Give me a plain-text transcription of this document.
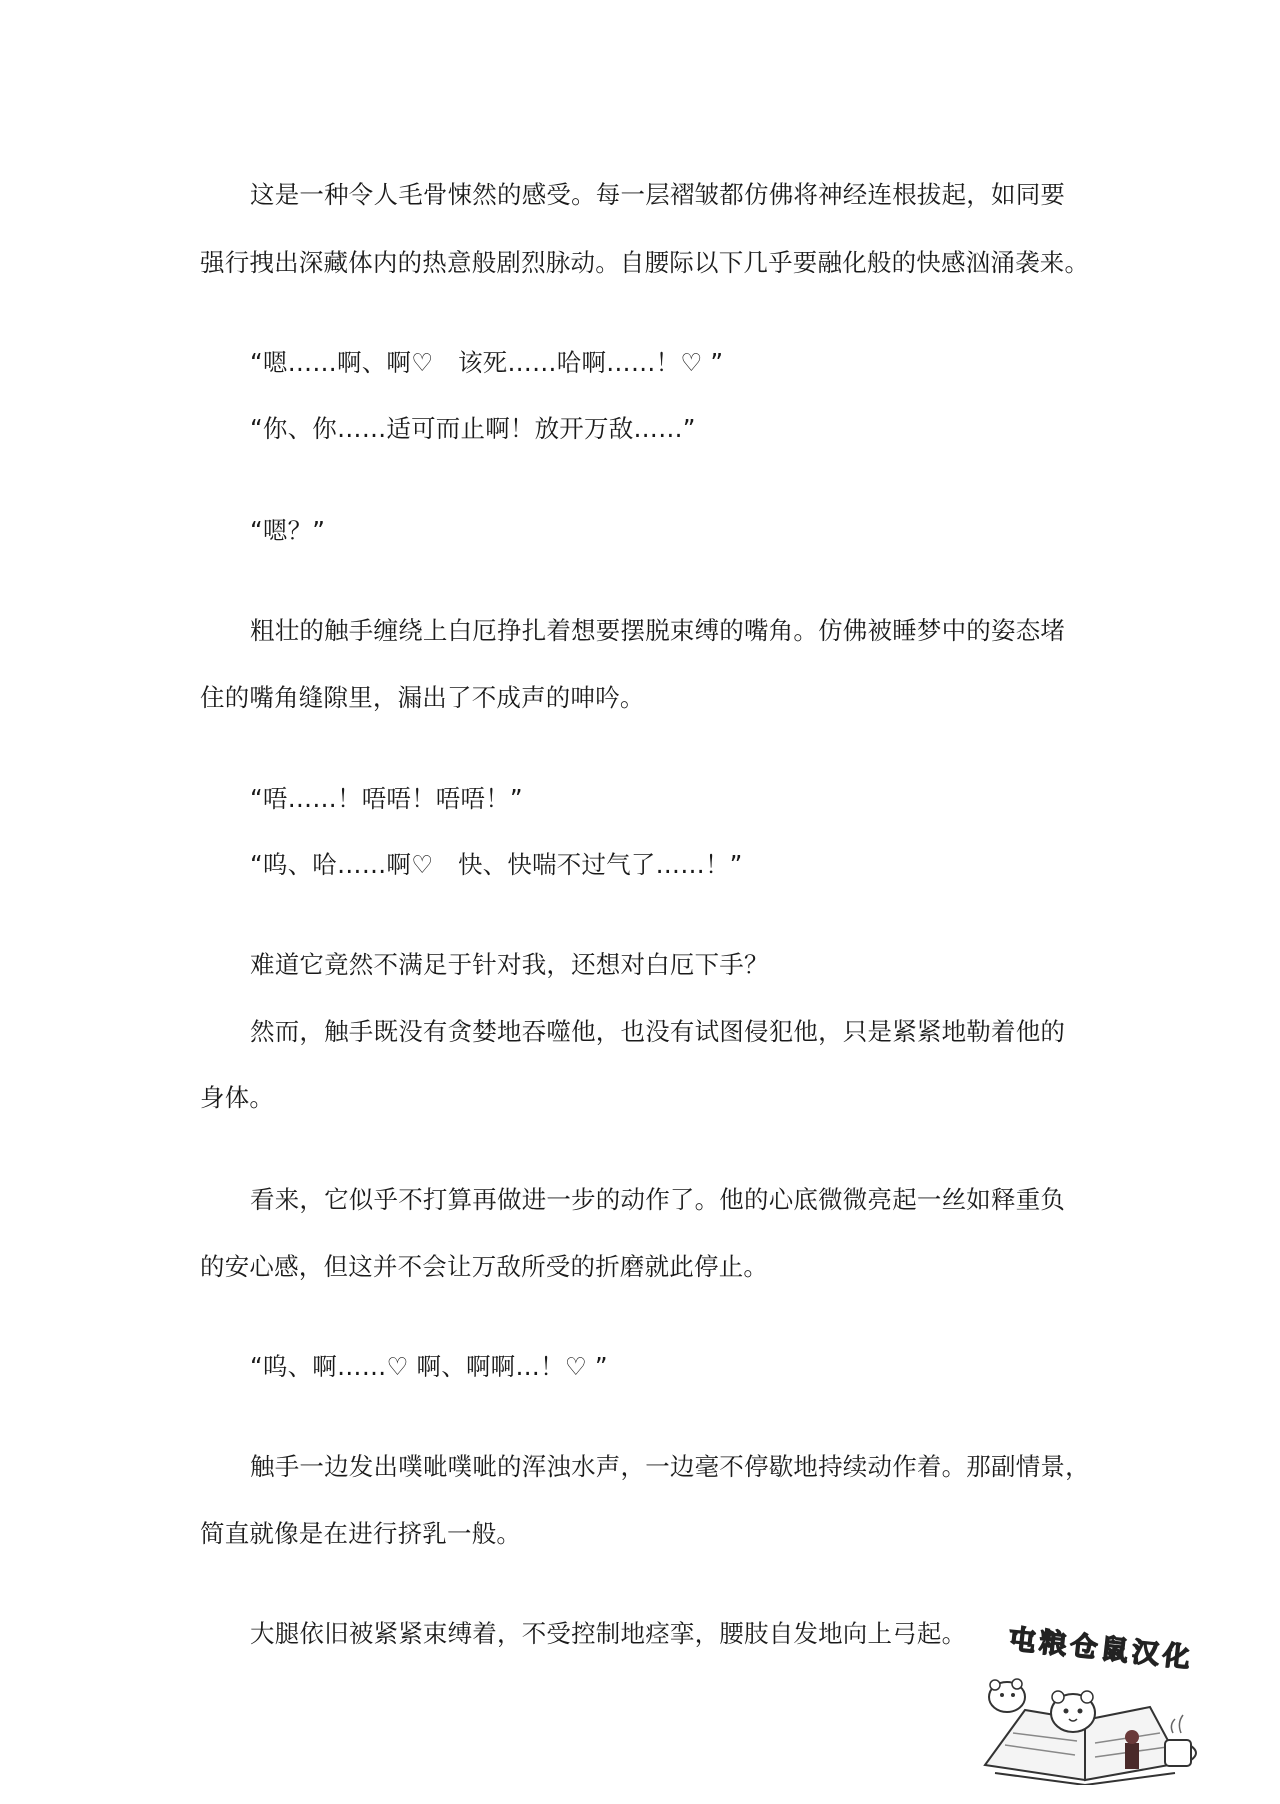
这是一种令人毛骨悚然的感受。每一层褶皱都仿佛将神经连根拔起，如同要
强行拽出深藏体内的热意般剧烈脉动。自腰际以下几乎要融化般的快感汹涌袭来。
“嗯……啊、啊♡　该死……哈啊……！♡ ”
“你、你……适可而止啊！放开万敌……”
“嗯？”
粗壮的触手缠绕上白厄挣扎着想要摆脱束缚的嘴角。仿佛被睡梦中的姿态堵
住的嘴角缝隙里，漏出了不成声的呻吟。
“唔……！唔唔！唔唔！”
“呜、哈……啊♡　快、快喘不过气了……！”
难道它竟然不满足于针对我，还想对白厄下手？
然而，触手既没有贪婪地吞噬他，也没有试图侵犯他，只是紧紧地勒着他的
身体。
看来，它似乎不打算再做进一步的动作了。他的心底微微亮起一丝如释重负
的安心感，但这并不会让万敌所受的折磨就此停止。
“呜、啊……♡ 啊、啊啊…！♡ ”
触手一边发出噗呲噗呲的浑浊水声，一边毫不停歇地持续动作着。那副情景，
简直就像是在进行挤乳一般。
大腿依旧被紧紧束缚着，不受控制地痉挛，腰肢自发地向上弓起。	屯粮仓鼠汉化
